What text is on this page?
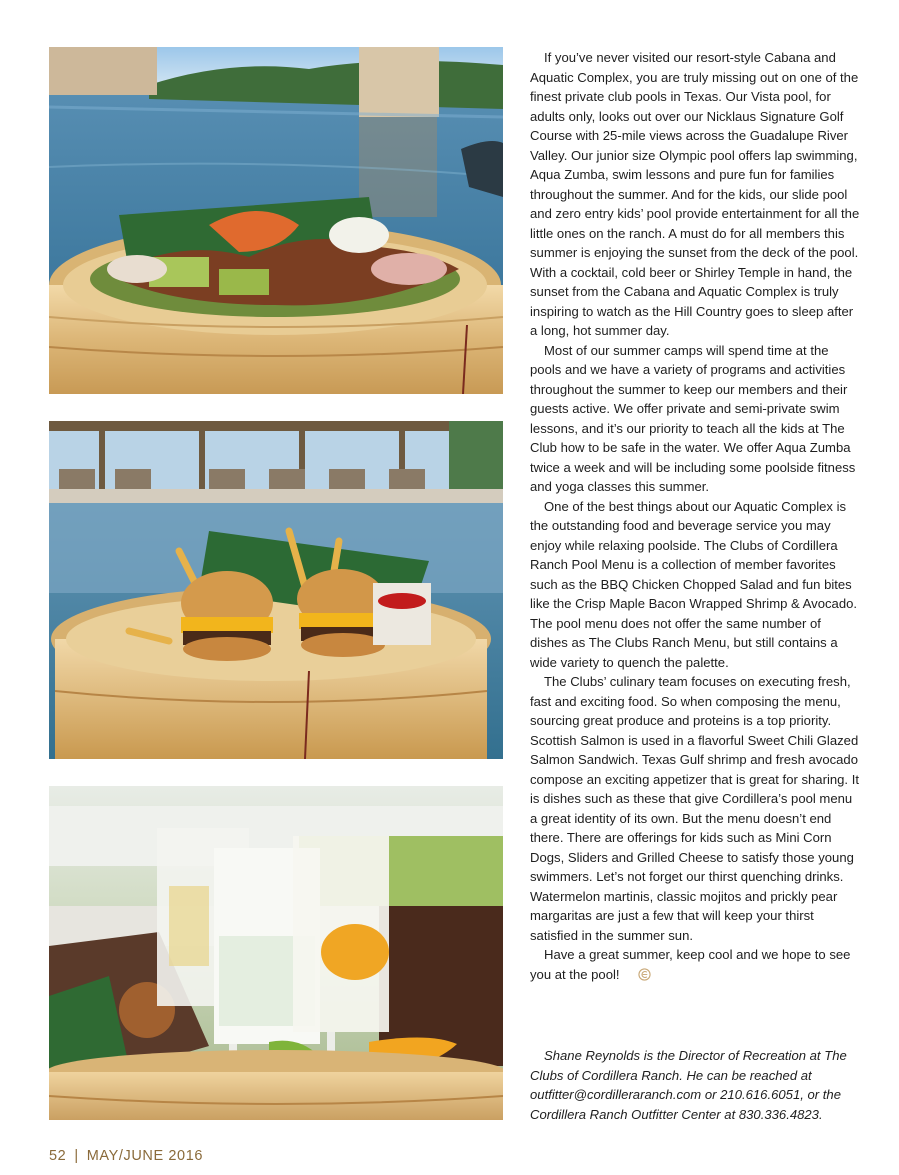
If you’ve never visited our resort-style Cabana and Aquatic Complex, you are truly missing out on one of the finest private club pools in Texas. Our Vista pool, for adults only, looks out over our Nicklaus Signature Golf Course with 25-mile views across the Guadalupe River Valley. Our junior size Olympic pool offers lap swimming, Aqua Zumba, swim lessons and pure fun for families throughout the summer. And for the kids, our slide pool and zero entry kids’ pool provide entertainment for all the little ones on the ranch. A must do for all members this summer is enjoying the sunset from the deck of the pool. With a cocktail, cold beer or Shirley Temple in hand, the sunset from the Cabana and Aquatic Complex is truly inspiring to watch as the Hill Country goes to sleep after a long, hot summer day.

Most of our summer camps will spend time at the pools and we have a variety of programs and activities throughout the summer to keep our members and their guests active. We offer private and semi-private swim lessons, and it’s our priority to teach all the kids at The Club how to be safe in the water. We offer Aqua Zumba twice a week and will be including some poolside fitness and yoga classes this summer.

One of the best things about our Aquatic Complex is the outstanding food and beverage service you may enjoy while relaxing poolside. The Clubs of Cordillera Ranch Pool Menu is a collection of member favorites such as the BBQ Chicken Chopped Salad and fun bites like the Crisp Maple Bacon Wrapped Shrimp & Avocado. The pool menu does not offer the same number of dishes as The Clubs Ranch Menu, but still contains a wide variety to quench the palette.

The Clubs’ culinary team focuses on executing fresh, fast and exciting food. So when composing the menu, sourcing great produce and proteins is a top priority. Scottish Salmon is used in a flavorful Sweet Chili Glazed Salmon Sandwich. Texas Gulf shrimp and fresh avocado compose an exciting appetizer that is great for sharing. It is dishes such as these that give Cordillera’s pool menu a great identity of its own. But the menu doesn’t end there. There are offerings for kids such as Mini Corn Dogs, Sliders and Grilled Cheese to satisfy those young swimmers. Let’s not forget our thirst quenching drinks. Watermelon martinis, classic mojitos and prickly pear margaritas are just a few that will keep your thirst satisfied in the summer sun.

Have a great summer, keep cool and we hope to see you at the pool!

Shane Reynolds is the Director of Recreation at The Clubs of Cordillera Ranch. He can be reached at outfitter@cordilleraranch.com or 210.616.6051, or the Cordillera Ranch Outfitter Center at 830.336.4823.

52 | MAY/JUNE 2016
